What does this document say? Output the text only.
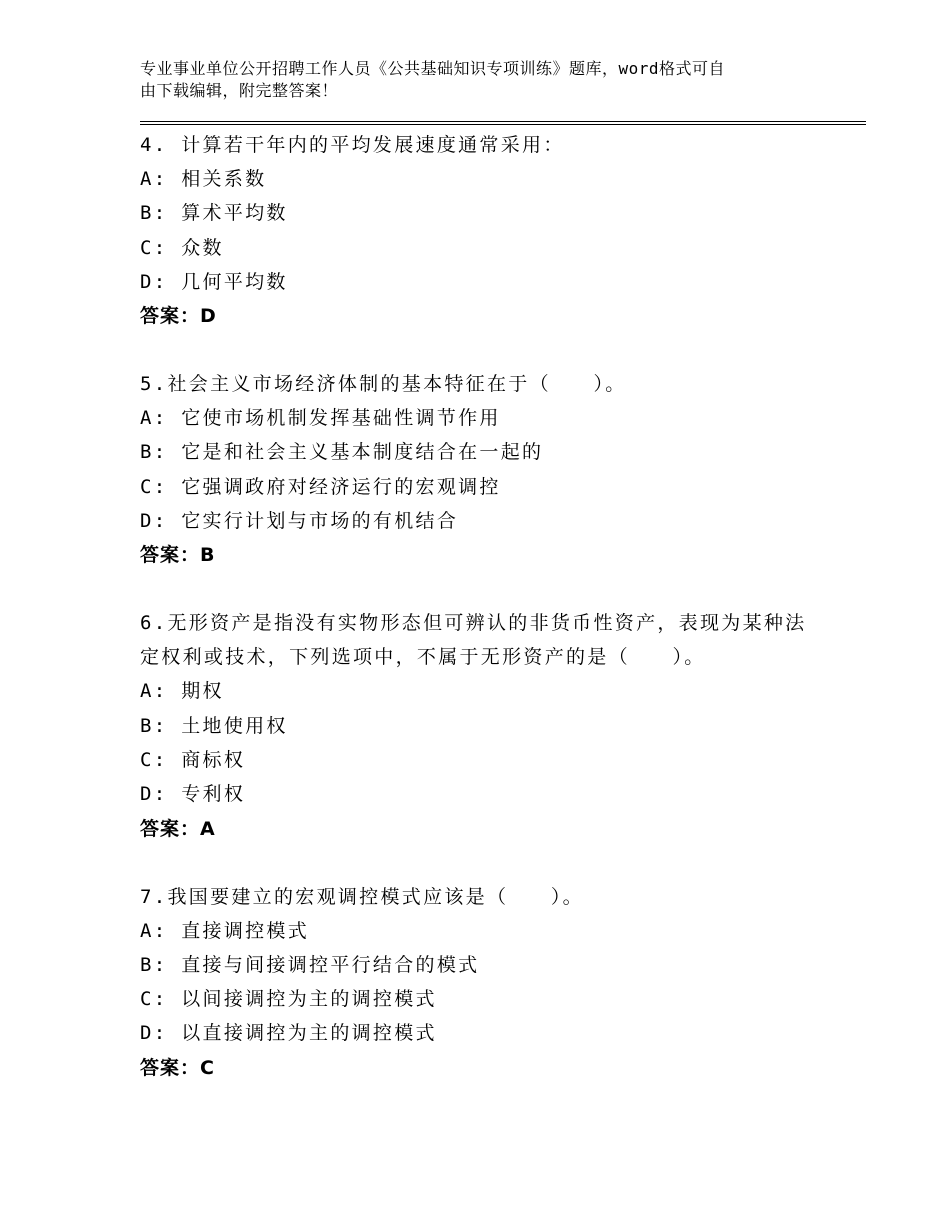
专业事业单位公开招聘工作人员《公共基础知识专项训练》题库，word格式可自
由下载编辑，附完整答案！
4. 计算若干年内的平均发展速度通常采用：
A: 相关系数
B: 算术平均数
C: 众数
D: 几何平均数
答案：D
5.社会主义市场经济体制的基本特征在于（　　）。
A: 它使市场机制发挥基础性调节作用
B: 它是和社会主义基本制度结合在一起的
C: 它强调政府对经济运行的宏观调控
D: 它实行计划与市场的有机结合
答案：B
6.无形资产是指没有实物形态但可辨认的非货币性资产，表现为某种法定权利或技术，下列选项中，不属于无形资产的是（　　）。
A: 期权
B: 土地使用权
C: 商标权
D: 专利权
答案：A
7.我国要建立的宏观调控模式应该是（　　）。
A: 直接调控模式
B: 直接与间接调控平行结合的模式
C: 以间接调控为主的调控模式
D: 以直接调控为主的调控模式
答案：C
